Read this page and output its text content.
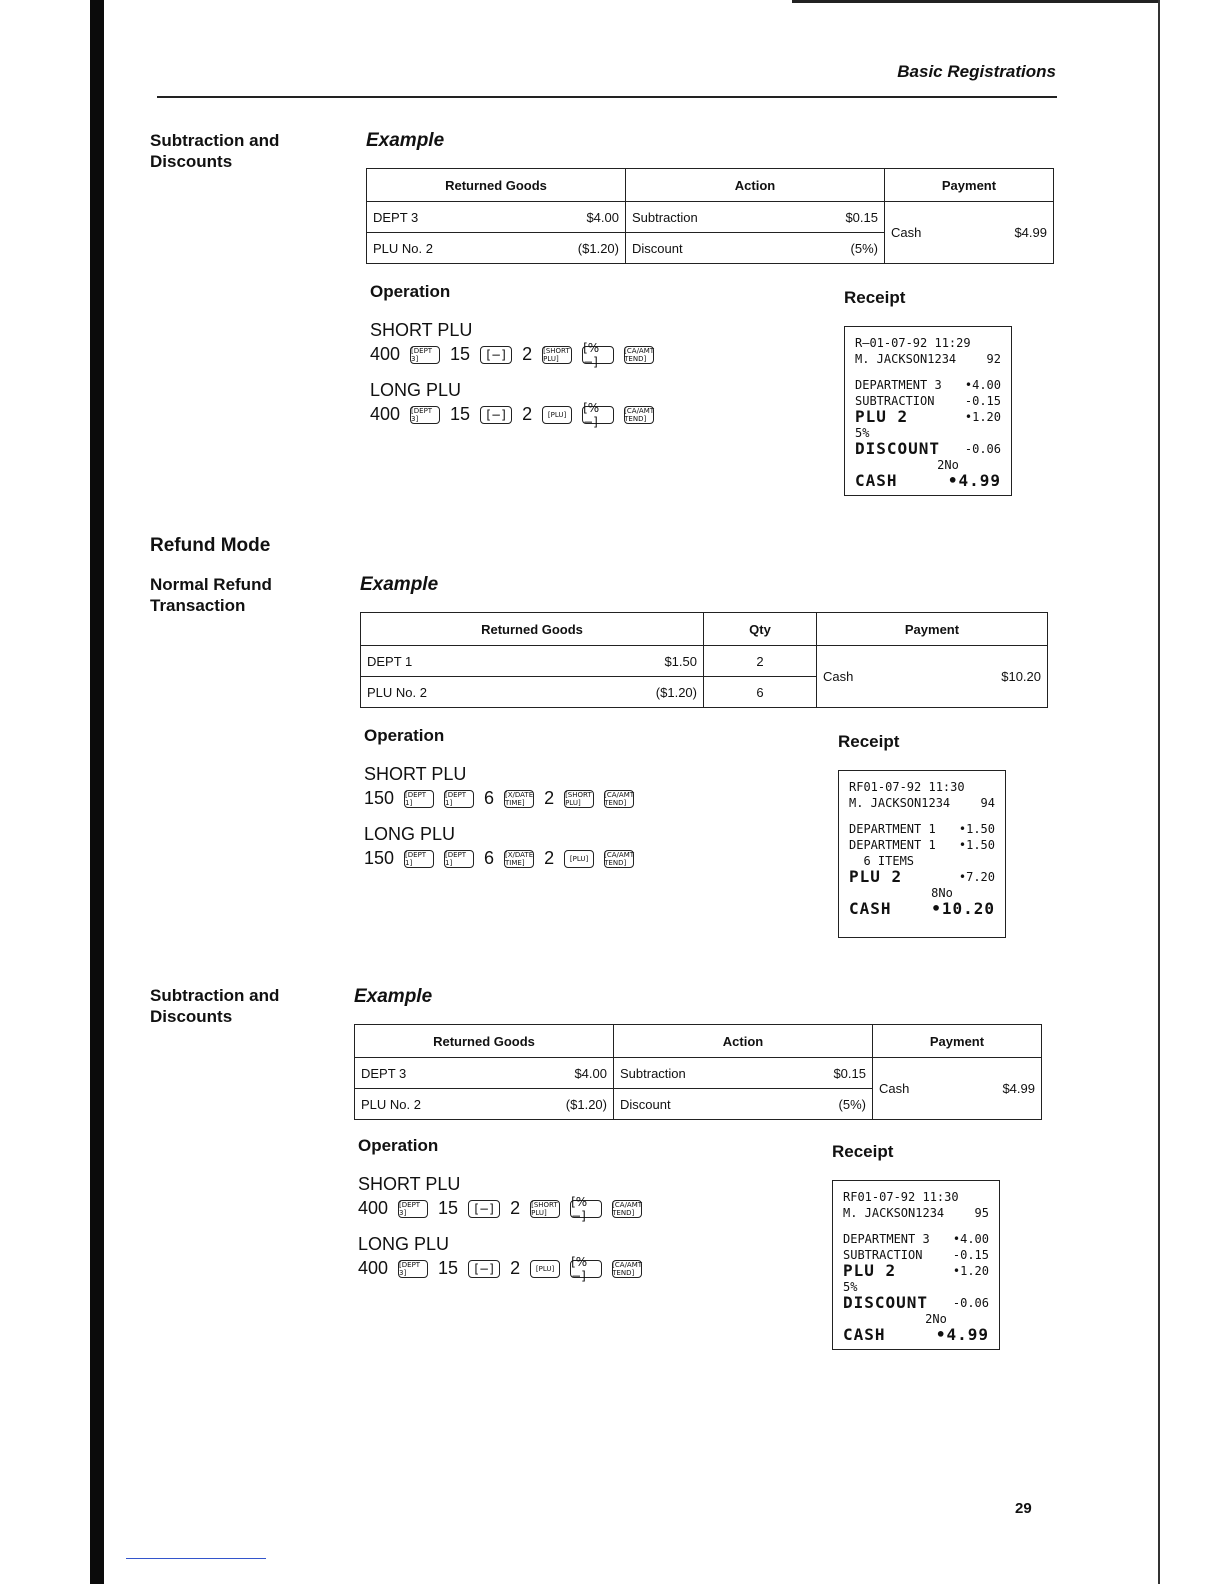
Basic Registrations
Subtraction and
Discounts
Refund Mode
Normal Refund
Transaction
Subtraction and
Discounts
Example
Returned Goods	Action	Payment

DEPT 3 $4.00	Subtraction $0.15	Cash $4.99

PLU No. 2 ($1.20)	Discount (5%)	
Operation
SHORT PLU
400 [DEPT 3]	15	[−] 2 [SHORT PLU]
[%−]
[CA/AMT TEND]
LONG PLU
400 [DEPT 3]	15	[−] 2	[PLU]	[%−]
[CA/AMT TEND]
Receipt
R—01-07-92 11:29
M. JACKSON1234	92
DEPARTMENT 3 •4.00
SUBTRACTION	-0.15
PLU 2	•1.20
5%
DISCOUNT -0.06
2No
CASH	•4.99
Example
Returned Goods	Qty	Payment

DEPT 1 $1.50	2	Cash $10.20

PLU No. 2 ($1.20)	6	
Operation
SHORT PLU
150 [DEPT 1]
[DEPT 1]	6 [X/DATE TIME]	2 [SHORT PLU]
[CA/AMT TEND]
LONG PLU
150 [DEPT 1]
[DEPT 1]	6 [X/DATE TIME]	2	[PLU]	[CA/AMT TEND]
Receipt
RF01-07-92 11:30
M. JACKSON1234	94
DEPARTMENT 1 •1.50
DEPARTMENT 1 •1.50
6 ITEMS
PLU 2	•7.20
8No
CASH •10.20
Example
Returned Goods	Action	Payment

DEPT 3 $4.00	Subtraction $0.15	Cash $4.99

PLU No. 2 ($1.20)	Discount (5%)	
Operation
SHORT PLU
400 [DEPT 3]	15	[−] 2 [SHORT PLU]
[%−]
[CA/AMT TEND]
LONG PLU
400 [DEPT 3]	15	[−] 2	[PLU]	[%−]
[CA/AMT TEND]
Receipt
RF01-07-92 11:30
M. JACKSON1234	95
DEPARTMENT 3 •4.00
SUBTRACTION	-0.15
PLU 2	•1.20
5%
DISCOUNT -0.06
2No
CASH	•4.99
29
